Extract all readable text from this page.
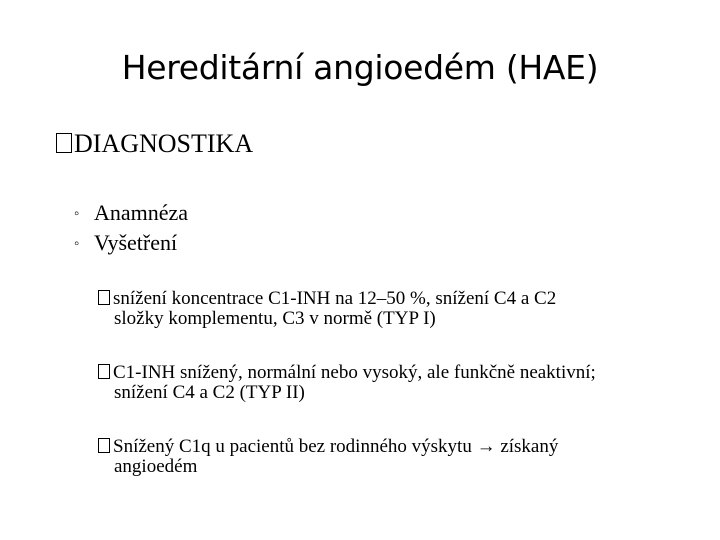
Hereditární angioedém (HAE)
DIAGNOSTIKA
◦ Anamnéza
◦ Vyšetření
snížení koncentrace C1-INH na 12–50 %, snížení C4 a C2
složky komplementu, C3 v normě (TYP I)
C1-INH snížený, normální nebo vysoký, ale funkčně neaktivní;
snížení C4 a C2 (TYP II)
Snížený C1q u pacientů bez rodinného výskytu → získaný
angioedém
